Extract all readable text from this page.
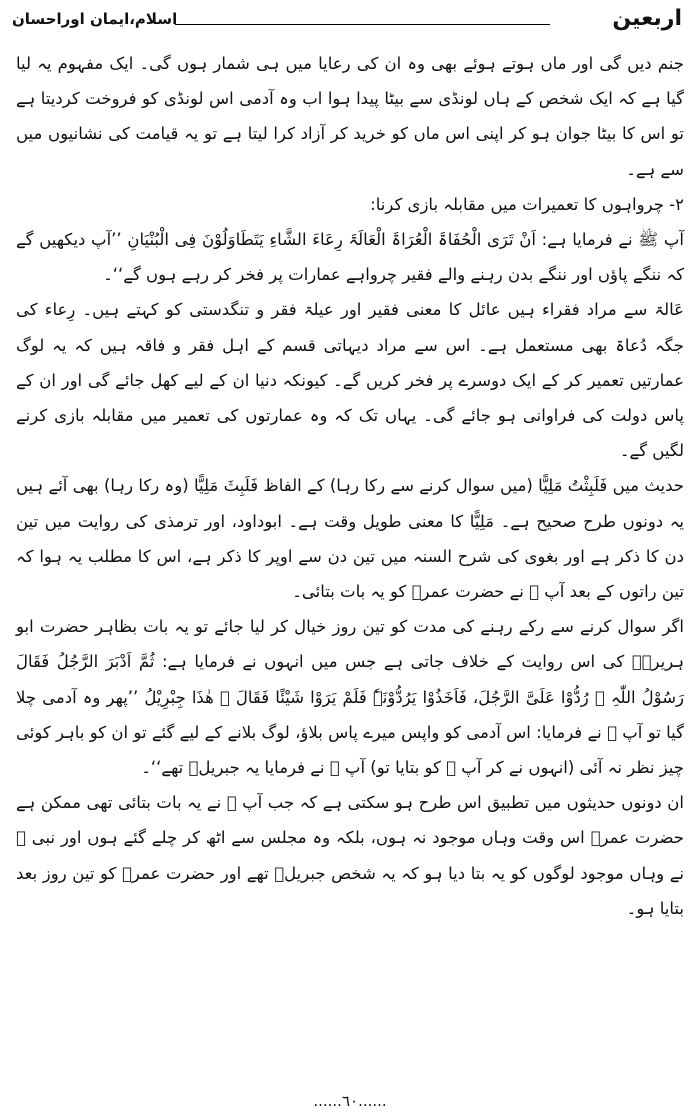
اربعین
اسلام،ایمان اوراحسان

جنم دیں گی اور ماں ہوتے ہوئے بھی وہ ان کی رعایا میں ہی شمار ہوں گی۔ ایک مفہوم یہ لیا گیا ہے کہ ایک شخص کے ہاں لونڈی سے بیٹا پیدا ہوا اب وہ آدمی اس لونڈی کو فروخت کردیتا ہے تو اس کا بیٹا جوان ہو کر اپنی اس ماں کو خرید کر آزاد کرا لیتا ہے تو یہ قیامت کی نشانیوں میں سے ہے۔

۲- چرواہوں کا تعمیرات میں مقابلہ بازی کرنا:

آپ ﷺ نے فرمایا ہے: اَنْ تَرَی الْحُفَاۃَ الْعُرَاۃَ الْعَالَۃَ رِعَاءَ الشَّاءِ یَتَطَاوَلُوْنَ فِی الْبُنْیَانِ ’’آپ دیکھیں گے کہ ننگے پاؤں اور ننگے بدن رہنے والے فقیر چرواہے عمارات پر فخر کر رہے ہوں گے‘‘۔

عَالۃ سے مراد فقراء ہیں عائل کا معنی فقیر اور عیلۃ فقر و تنگدستی کو کہتے ہیں۔ رِعاء کی جگہ دُعاۃ بھی مستعمل ہے۔ اس سے مراد دیہاتی قسم کے اہل فقر و فاقہ ہیں کہ یہ لوگ عمارتیں تعمیر کر کے ایک دوسرے پر فخر کریں گے۔ کیونکہ دنیا ان کے لیے کھل جائے گی اور ان کے پاس دولت کی فراوانی ہو جائے گی۔ یہاں تک کہ وہ عمارتوں کی تعمیر میں مقابلہ بازی کرنے لگیں گے۔

حدیث میں فَلَبِثْتُ مَلِیًّا (میں سوال کرنے سے رکا رہا) کے الفاظ فَلَبِثَ مَلِیًّا (وہ رکا رہا) بھی آئے ہیں یہ دونوں طرح صحیح ہے۔ مَلِیًّا کا معنی طویل وقت ہے۔ ابوداود، اور ترمذی کی روایت میں تین دن کا ذکر ہے اور بغوی کی شرح السنہ میں تین دن سے اوپر کا ذکر ہے، اس کا مطلب یہ ہوا کہ تین راتوں کے بعد آپ ﷺ نے حضرت عمرؓ کو یہ بات بتائی۔

اگر سوال کرنے سے رکے رہنے کی مدت کو تین روز خیال کر لیا جائے تو یہ بات بظاہر حضرت ابو ہریرہؓ کی اس روایت کے خلاف جاتی ہے جس میں انہوں نے فرمایا ہے: ثُمَّ اَدْبَرَ الرَّجُلُ فَقَالَ رَسُوْلُ اللّٰہِ ﷺ رُدُّوْا عَلَیَّ الرَّجُلَ، فَاَخَذُوْا یَرُدُّوْنَہٗ فَلَمْ یَرَوْا شَیْئًا فَقَالَ ﷺ ھٰذَا جِبْرِیْلُ ’’پھر وہ آدمی چلا گیا تو آپ ﷺ نے فرمایا: اس آدمی کو واپس میرے پاس بلاؤ، لوگ بلانے کے لیے گئے تو ان کو باہر کوئی چیز نظر نہ آئی (انہوں نے کر آپ ﷺ کو بتایا تو) آپ ﷺ نے فرمایا یہ جبریلؑ تھے‘‘۔

ان دونوں حدیثوں میں تطبیق اس طرح ہو سکتی ہے کہ جب آپ ﷺ نے یہ بات بتائی تھی ممکن ہے حضرت عمرؓ اس وقت وہاں موجود نہ ہوں، بلکہ وہ مجلس سے اٹھ کر چلے گئے ہوں اور نبی ﷺ نے وہاں موجود لوگوں کو یہ بتا دیا ہو کہ یہ شخص جبریلؑ تھے اور حضرت عمرؓ کو تین روز بعد بتایا ہو۔

......٦٠......
